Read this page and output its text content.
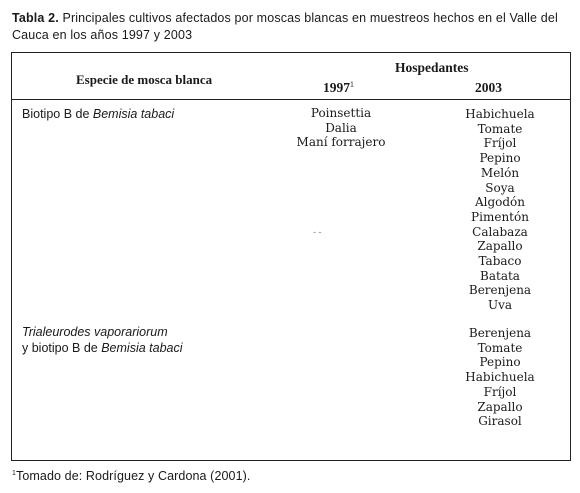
Tabla 2. Principales cultivos afectados por moscas blancas en muestreos hechos en el Valle del Cauca en los años 1997 y 2003
Especie de mosca blanca
Hospedantes
1997$^1$	2003
Biotipo B de Bemisia tabaci	Poinsettia
Dalia
Maní forrajero
Habichuela
Tomate
Fríjol
Pepino
Melón
Soya
Algodón
Pimentón
Calabaza
Zapallo
Tabaco
Batata
Berenjena
Uva
- -
Trialeurodes vaporariorum
y biotipo B de Bemisia tabaci
Berenjena
Tomate
Pepino
Habichuela
Fríjol
Zapallo
Girasol
$^1$Tomado de: Rodríguez y Cardona (2001).
